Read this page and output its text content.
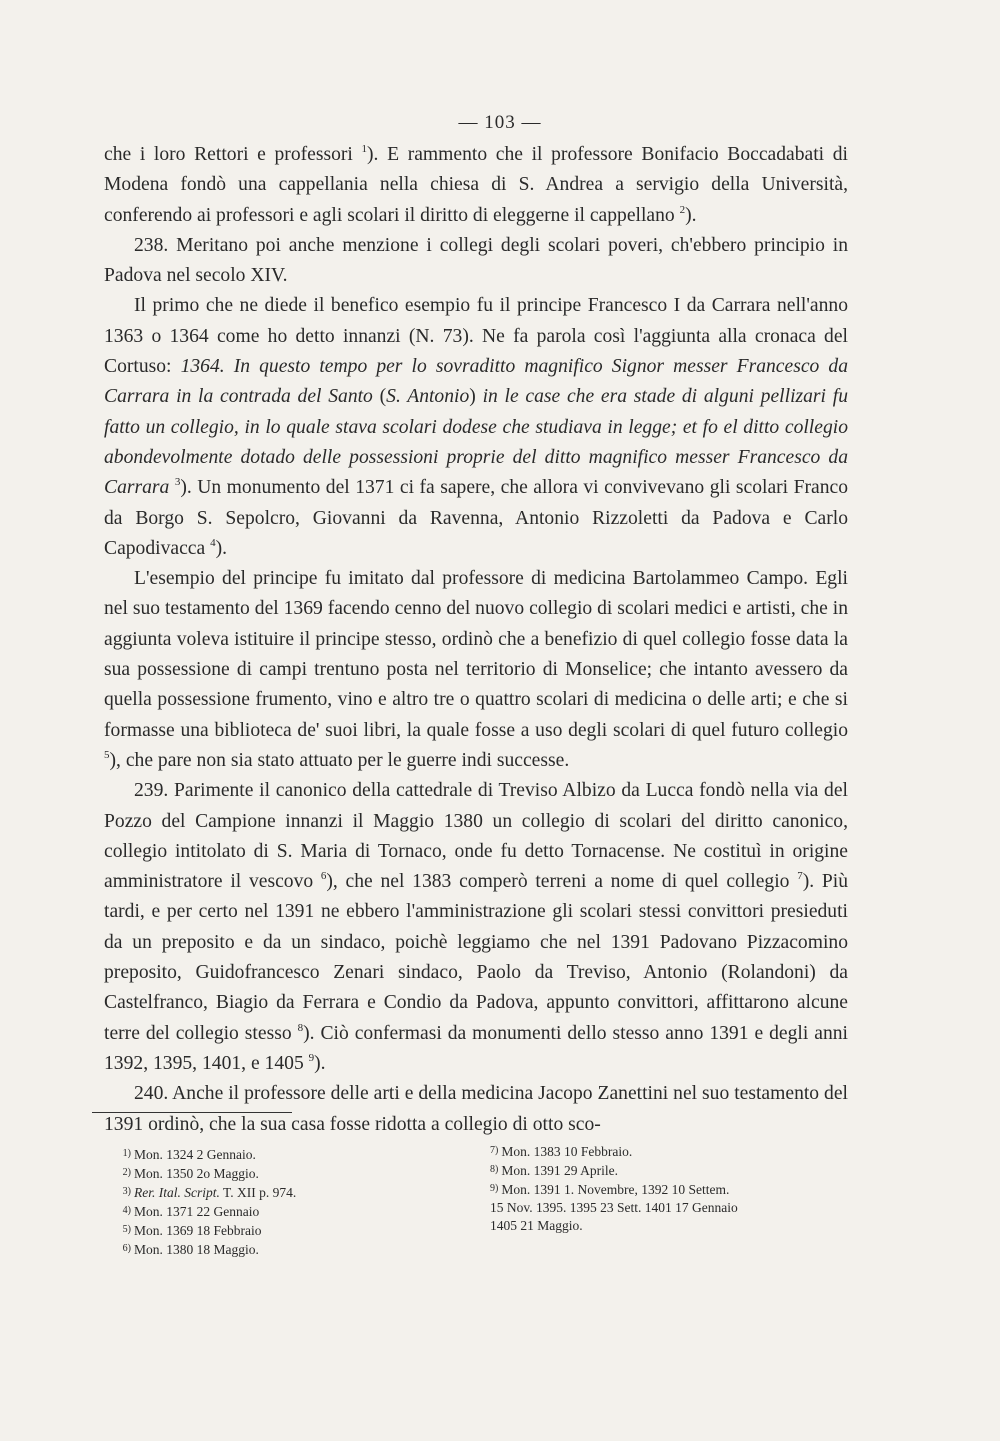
— 103 —

che i loro Rettori e professori $^1$). E rammento che il professore Bonifacio Boccadabati di Modena fondò una cappellania nella chiesa di S. Andrea a servigio della Università, conferendo ai professori e agli scolari il diritto di eleggerne il cappellano $^2$).

238. Meritano poi anche menzione i collegi degli scolari poveri, ch'ebbero principio in Padova nel secolo XIV.

Il primo che ne diede il benefico esempio fu il principe Francesco I da Carrara nell'anno 1363 o 1364 come ho detto innanzi (N. 73). Ne fa parola così l'aggiunta alla cronaca del Cortuso: 1364. In questo tempo per lo sovraditto magnifico Signor messer Francesco da Carrara in la contrada del Santo (S. Antonio) in le case che era stade di alguni pellizari fu fatto un collegio, in lo quale stava scolari dodese che studiava in legge; et fo el ditto collegio abondevolmente dotado delle possessioni proprie del ditto magnifico messer Francesco da Carrara $^3$). Un monumento del 1371 ci fa sapere, che allora vi convivevano gli scolari Franco da Borgo S. Sepolcro, Giovanni da Ravenna, Antonio Rizzoletti da Padova e Carlo Capodivacca $^4$).

L'esempio del principe fu imitato dal professore di medicina Bartolammeo Campo. Egli nel suo testamento del 1369 facendo cenno del nuovo collegio di scolari medici e artisti, che in aggiunta voleva istituire il principe stesso, ordinò che a benefizio di quel collegio fosse data la sua possessione di campi trentuno posta nel territorio di Monselice; che intanto avessero da quella possessione frumento, vino e altro tre o quattro scolari di medicina o delle arti; e che si formasse una biblioteca de' suoi libri, la quale fosse a uso degli scolari di quel futuro collegio $^5$), che pare non sia stato attuato per le guerre indi successe.

239. Parimente il canonico della cattedrale di Treviso Albizo da Lucca fondò nella via del Pozzo del Campione innanzi il Maggio 1380 un collegio di scolari del diritto canonico, collegio intitolato di S. Maria di Tornaco, onde fu detto Tornacense. Ne costituì in origine amministratore il vescovo $^6$), che nel 1383 comperò terreni a nome di quel collegio $^7$). Più tardi, e per certo nel 1391 ne ebbero l'amministrazione gli scolari stessi convittori presieduti da un preposito e da un sindaco, poichè leggiamo che nel 1391 Padovano Pizzacomino preposito, Guidofrancesco Zenari sindaco, Paolo da Treviso, Antonio (Rolandoni) da Castelfranco, Biagio da Ferrara e Condio da Padova, appunto convittori, affittarono alcune terre del collegio stesso $^8$). Ciò confermasi da monumenti dello stesso anno 1391 e degli anni 1392, 1395, 1401, e 1405 $^9$).

240. Anche il professore delle arti e della medicina Jacopo Zanettini nel suo testamento del 1391 ordinò, che la sua casa fosse ridotta a collegio di otto sco-

1) Mon. 1324 2 Gennaio.
2) Mon. 1350 2o Maggio.
3) Rer. Ital. Script. T. XII p. 974.
4) Mon. 1371 22 Gennaio
5) Mon. 1369 18 Febbraio
6) Mon. 1380 18 Maggio.
7) Mon. 1383 10 Febbraio.
8) Mon. 1391 29 Aprile.
9) Mon. 1391 1. Novembre, 1392 10 Settem.
15 Nov. 1395. 1395 23 Sett. 1401 17 Gennaio
1405 21 Maggio.
